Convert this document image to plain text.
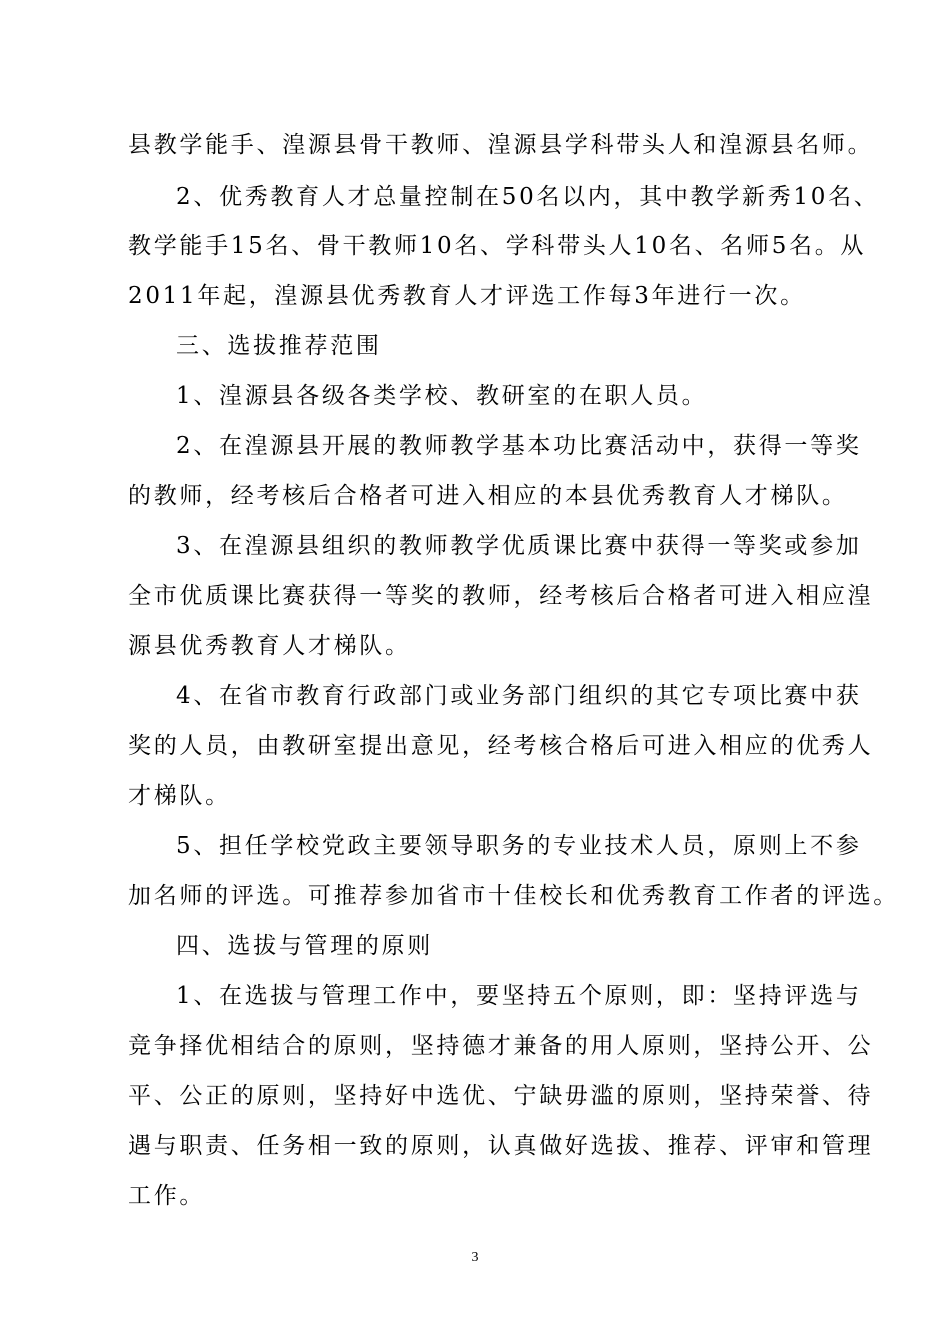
县教学能手、湟源县骨干教师、湟源县学科带头人和湟源县名师。
2、优秀教育人才总量控制在50名以内，其中教学新秀10名、
教学能手15名、骨干教师10名、学科带头人10名、名师5名。从
2011年起，湟源县优秀教育人才评选工作每3年进行一次。
三、选拔推荐范围
1、湟源县各级各类学校、教研室的在职人员。
2、在湟源县开展的教师教学基本功比赛活动中，获得一等奖
的教师，经考核后合格者可进入相应的本县优秀教育人才梯队。
3、在湟源县组织的教师教学优质课比赛中获得一等奖或参加
全市优质课比赛获得一等奖的教师，经考核后合格者可进入相应湟
源县优秀教育人才梯队。
4、在省市教育行政部门或业务部门组织的其它专项比赛中获
奖的人员，由教研室提出意见，经考核合格后可进入相应的优秀人
才梯队。
5、担任学校党政主要领导职务的专业技术人员，原则上不参
加名师的评选。可推荐参加省市十佳校长和优秀教育工作者的评选。
四、选拔与管理的原则
1、在选拔与管理工作中，要坚持五个原则，即：坚持评选与
竞争择优相结合的原则，坚持德才兼备的用人原则，坚持公开、公
平、公正的原则，坚持好中选优、宁缺毋滥的原则，坚持荣誉、待
遇与职责、任务相一致的原则，认真做好选拔、推荐、评审和管理
工作。
3
